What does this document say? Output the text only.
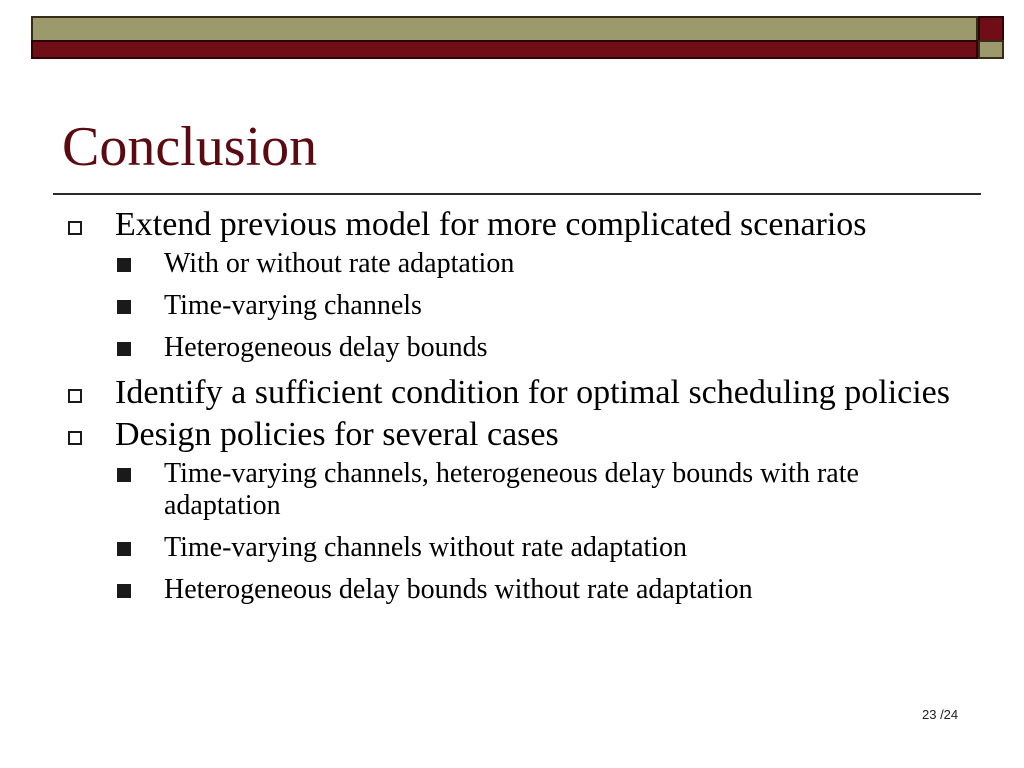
Conclusion
Extend previous model for more complicated scenarios
With or without rate adaptation
Time-varying channels
Heterogeneous delay bounds
Identify a sufficient condition for optimal scheduling policies
Design policies for several cases
Time-varying channels, heterogeneous delay bounds with rate adaptation
Time-varying channels without rate adaptation
Heterogeneous delay bounds without rate adaptation
23 /24
